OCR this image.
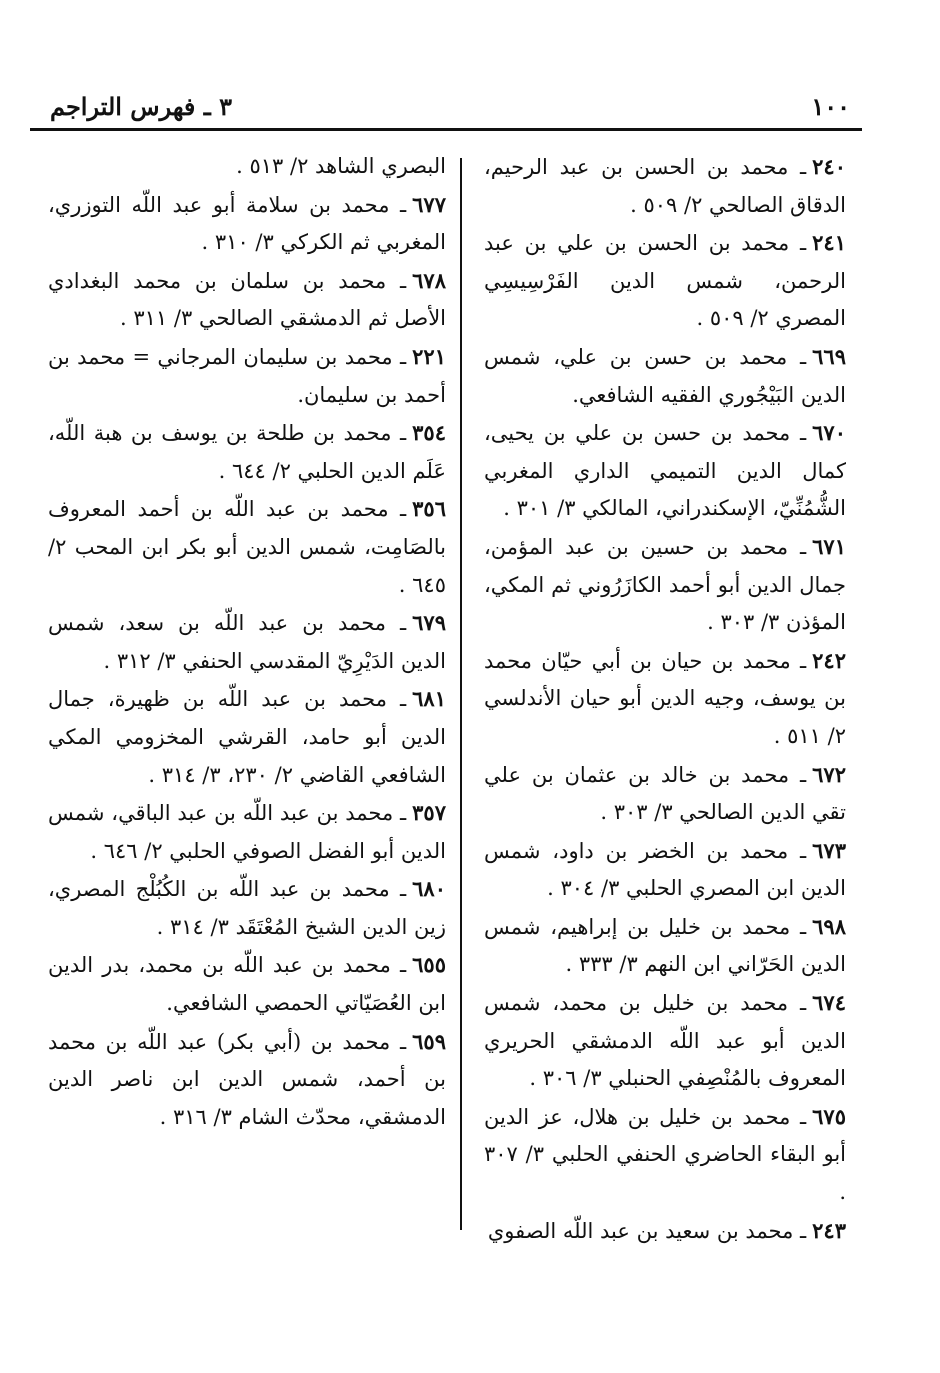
١٠٠
٣ ـ فهرس التراجم
٢٤٠ـ محمد بن الحسن بن عبد الرحيم، الدقاق الصالحي ٢/ ٥٠٩ .
٢٤١ـ محمد بن الحسن بن علي بن عبد الرحمن، شمس الدين الفَرْسِيسِي المصري ٢/ ٥٠٩ .
٦٦٩ـ محمد بن حسن بن علي، شمس الدين البَيْجُوري الفقيه الشافعي.
٦٧٠ـ محمد بن حسن بن علي بن يحيى، كمال الدين التميمي الداري المغربي الشُّمُنِّيّ، الإسكندراني، المالكي ٣/ ٣٠١ .
٦٧١ـ محمد بن حسين بن عبد المؤمن، جمال الدين أبو أحمد الكازَرُوني ثم المكي، المؤذن ٣/ ٣٠٣ .
٢٤٢ـ محمد بن حيان بن أبي حيّان محمد بن يوسف، وجيه الدين أبو حيان الأندلسي ٢/ ٥١١ .
٦٧٢ـ محمد بن خالد بن عثمان بن علي تقي الدين الصالحي ٣/ ٣٠٣ .
٦٧٣ـ محمد بن الخضر بن داود، شمس الدين ابن المصري الحلبي ٣/ ٣٠٤ .
٦٩٨ـ محمد بن خليل بن إبراهيم، شمس الدين الحَرّاني ابن النهم ٣/ ٣٣٣ .
٦٧٤ـ محمد بن خليل بن محمد، شمس الدين أبو عبد اللّه الدمشقي الحريري المعروف بالمُنْصِفي الحنبلي ٣/ ٣٠٦ .
٦٧٥ـ محمد بن خليل بن هلال، عز الدين أبو البقاء الحاضري الحنفي الحلبي ٣/ ٣٠٧ .
٢٤٣ـ محمد بن سعيد بن عبد اللّه الصفوي
البصري الشاهد ٢/ ٥١٣ .
٦٧٧ـ محمد بن سلامة أبو عبد اللّه التوزري، المغربي ثم الكركي ٣/ ٣١٠ .
٦٧٨ـ محمد بن سلمان بن محمد البغدادي الأصل ثم الدمشقي الصالحي ٣/ ٣١١ .
٢٢١ـ محمد بن سليمان المرجاني = محمد بن أحمد بن سليمان.
٣٥٤ـ محمد بن طلحة بن يوسف بن هبة اللّه، عَلَم الدين الحلبي ٢/ ٦٤٤ .
٣٥٦ـ محمد بن عبد اللّه بن أحمد المعروف بالصَامِت، شمس الدين أبو بكر ابن المحب ٢/ ٦٤٥ .
٦٧٩ـ محمد بن عبد اللّه بن سعد، شمس الدين الدَيْرِيّ المقدسي الحنفي ٣/ ٣١٢ .
٦٨١ـ محمد بن عبد اللّه بن ظهيرة، جمال الدين أبو حامد، القرشي المخزومي المكي الشافعي القاضي ٢/ ٢٣٠، ٣/ ٣١٤ .
٣٥٧ـ محمد بن عبد اللّه بن عبد الباقي، شمس الدين أبو الفضل الصوفي الحلبي ٢/ ٦٤٦ .
٦٨٠ـ محمد بن عبد اللّه بن الكُبُلْج المصري، زين الدين الشيخ المُعْتَقَد ٣/ ٣١٤ .
٦٥٥ـ محمد بن عبد اللّه بن محمد، بدر الدين ابن العُصَيّاتي الحمصي الشافعي.
٦٥٩ـ محمد بن (أبي بكر) عبد اللّه بن محمد بن أحمد، شمس الدين ابن ناصر الدين الدمشقي، محدّث الشام ٣/ ٣١٦ .
